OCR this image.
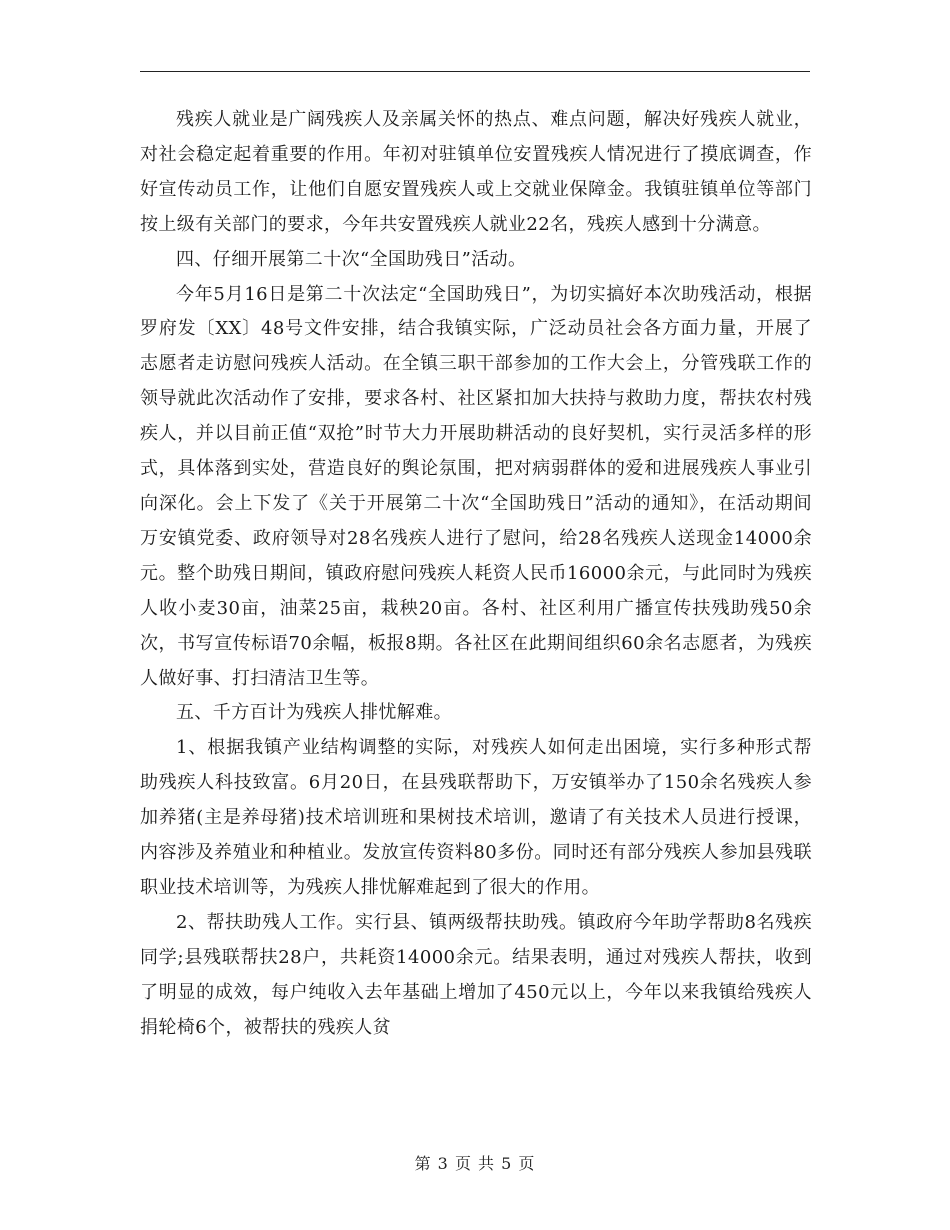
残疾人就业是广阔残疾人及亲属关怀的热点、难点问题，解决好残疾人就业，对社会稳定起着重要的作用。年初对驻镇单位安置残疾人情况进行了摸底调查，作好宣传动员工作，让他们自愿安置残疾人或上交就业保障金。我镇驻镇单位等部门按上级有关部门的要求，今年共安置残疾人就业22名，残疾人感到十分满意。

四、仔细开展第二十次“全国助残日”活动。

今年5月16日是第二十次法定“全国助残日”，为切实搞好本次助残活动，根据罗府发〔XX〕48号文件安排，结合我镇实际，广泛动员社会各方面力量，开展了志愿者走访慰问残疾人活动。在全镇三职干部参加的工作大会上，分管残联工作的领导就此次活动作了安排，要求各村、社区紧扣加大扶持与救助力度，帮扶农村残疾人，并以目前正值“双抢”时节大力开展助耕活动的良好契机，实行灵活多样的形式，具体落到实处，营造良好的舆论氛围，把对病弱群体的爱和进展残疾人事业引向深化。会上下发了《关于开展第二十次“全国助残日”活动的通知》，在活动期间万安镇党委、政府领导对28名残疾人进行了慰问，给28名残疾人送现金14000余元。整个助残日期间，镇政府慰问残疾人耗资人民币16000余元，与此同时为残疾人收小麦30亩，油菜25亩，栽秧20亩。各村、社区利用广播宣传扶残助残50余次，书写宣传标语70余幅，板报8期。各社区在此期间组织60余名志愿者，为残疾人做好事、打扫清洁卫生等。

五、千方百计为残疾人排忧解难。

1、根据我镇产业结构调整的实际，对残疾人如何走出困境，实行多种形式帮助残疾人科技致富。6月20日，在县残联帮助下，万安镇举办了150余名残疾人参加养猪(主是养母猪)技术培训班和果树技术培训，邀请了有关技术人员进行授课，内容涉及养殖业和种植业。发放宣传资料80多份。同时还有部分残疾人参加县残联职业技术培训等，为残疾人排忧解难起到了很大的作用。

2、帮扶助残人工作。实行县、镇两级帮扶助残。镇政府今年助学帮助8名残疾同学;县残联帮扶28户，共耗资14000余元。结果表明，通过对残疾人帮扶，收到了明显的成效，每户纯收入去年基础上增加了450元以上，今年以来我镇给残疾人捐轮椅6个，被帮扶的残疾人贫

第 3 页 共 5 页
